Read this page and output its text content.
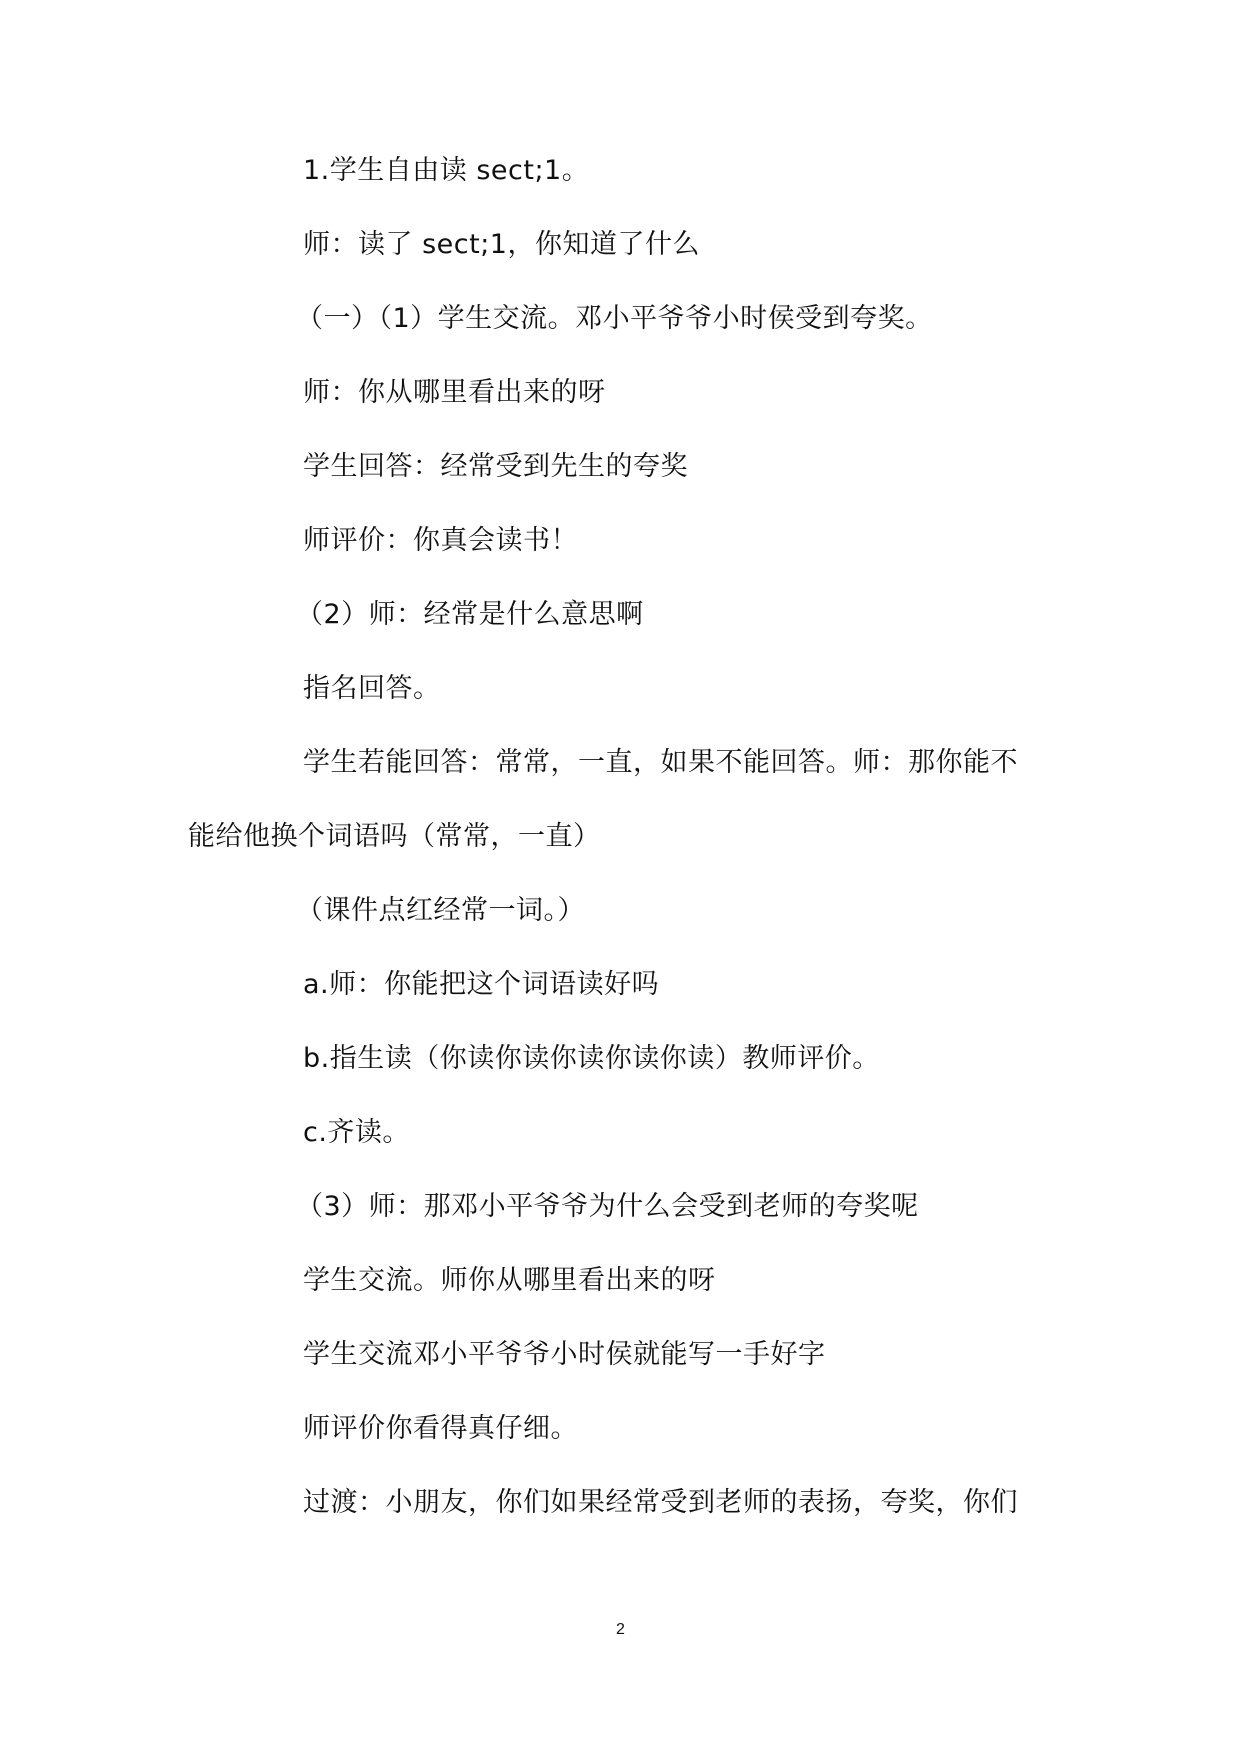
1.学生自由读 sect;1。
师：读了 sect;1，你知道了什么
（一）（1）学生交流。邓小平爷爷小时侯受到夸奖。
师：你从哪里看出来的呀
学生回答：经常受到先生的夸奖
师评价：你真会读书！
（2）师：经常是什么意思啊
指名回答。
学生若能回答：常常，一直，如果不能回答。师：那你能不
能给他换个词语吗（常常，一直）
（课件点红经常一词。）
a.师：你能把这个词语读好吗
b.指生读（你读你读你读你读你读）教师评价。
c.齐读。
（3）师：那邓小平爷爷为什么会受到老师的夸奖呢
学生交流。师你从哪里看出来的呀
学生交流邓小平爷爷小时侯就能写一手好字
师评价你看得真仔细。
过渡：小朋友，你们如果经常受到老师的表扬，夸奖，你们
2
